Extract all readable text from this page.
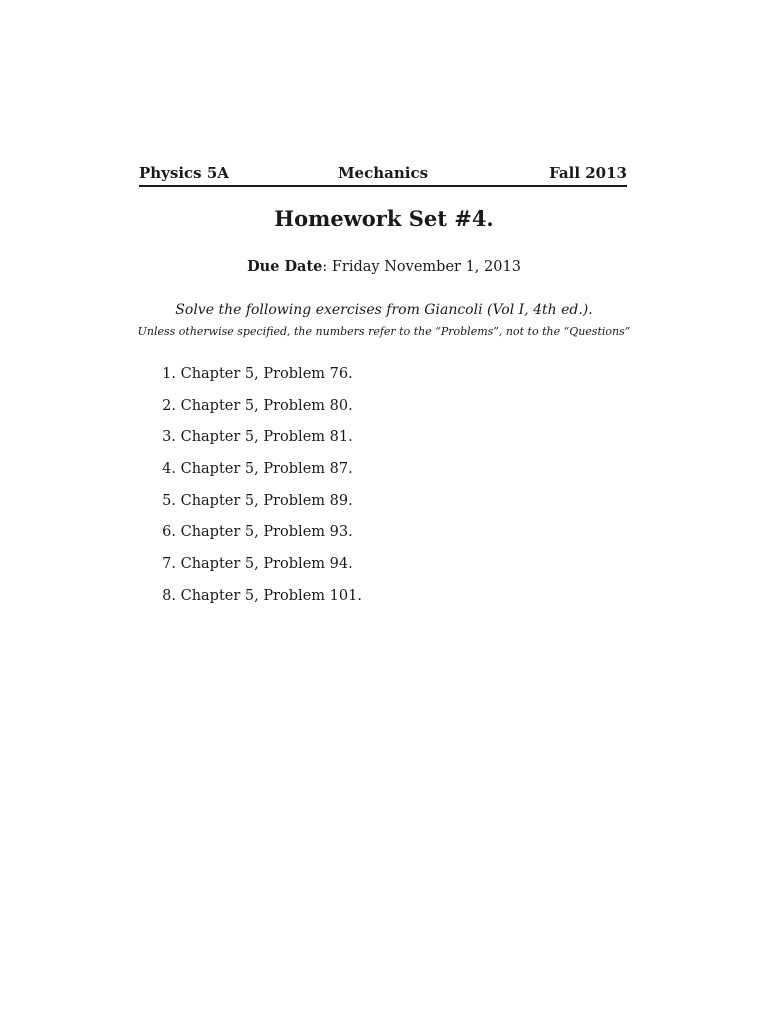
Physics 5A	Mechanics	Fall 2013
Homework Set #4.
Due Date: Friday November 1, 2013
Solve the following exercises from Giancoli (Vol I, 4th ed.).
Unless otherwise specified, the numbers refer to the “Problems”, not to the “Questions”
1. Chapter 5, Problem 76.
2. Chapter 5, Problem 80.
3. Chapter 5, Problem 81.
4. Chapter 5, Problem 87.
5. Chapter 5, Problem 89.
6. Chapter 5, Problem 93.
7. Chapter 5, Problem 94.
8. Chapter 5, Problem 101.
